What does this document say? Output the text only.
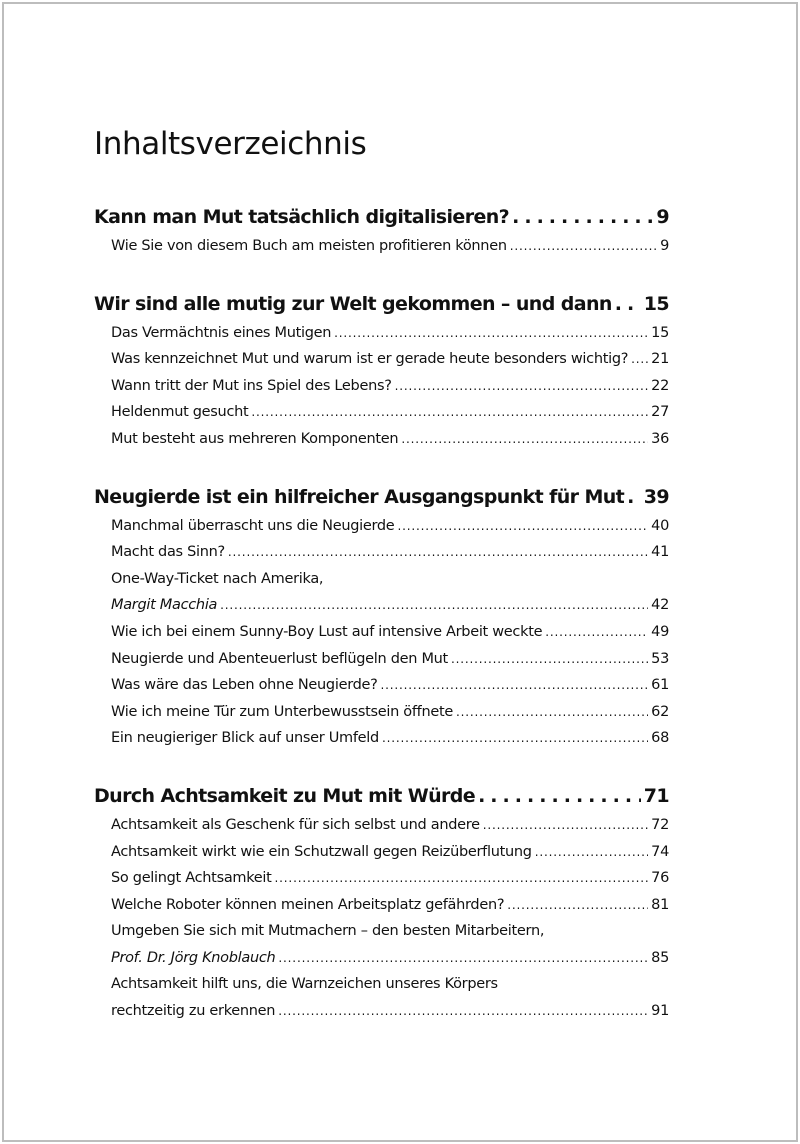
Inhaltsverzeichnis
Kann man Mut tatsächlich digitalisieren? . . .	9
Wie Sie von diesem Buch am meisten profitieren können . . .	9
Wir sind alle mutig zur Welt gekommen – und dann . . . 15
Das Vermächtnis eines Mutigen . . .	15
Was kennzeichnet Mut und warum ist er gerade heute besonders wichtig? . . . 21
Wann tritt der Mut ins Spiel des Lebens? . . .	22
Heldenmut gesucht . . .	27
Mut besteht aus mehreren Komponenten . . .	36
Neugierde ist ein hilfreicher Ausgangspunkt für Mut . . . 39
Manchmal überrascht uns die Neugierde . . .	40
Macht das Sinn? . . .	41
One-Way-Ticket nach Amerika,
Margit Macchia . . .	42
Wie ich bei einem Sunny-Boy Lust auf intensive Arbeit weckte . . .	49
Neugierde und Abenteuerlust beflügeln den Mut . . .	53
Was wäre das Leben ohne Neugierde? . . .	61
Wie ich meine Tür zum Unterbewusstsein öffnete . . .	62
Ein neugieriger Blick auf unser Umfeld . . .	68
Durch Achtsamkeit zu Mut mit Würde . . .	71
Achtsamkeit als Geschenk für sich selbst und andere . . .	72
Achtsamkeit wirkt wie ein Schutzwall gegen Reizüberflutung . . .	74
So gelingt Achtsamkeit . . .	76
Welche Roboter können meinen Arbeitsplatz gefährden? . . .	81
Umgeben Sie sich mit Mutmachern – den besten Mitarbeitern,
Prof. Dr. Jörg Knoblauch . . .	85
Achtsamkeit hilft uns, die Warnzeichen unseres Körpers
rechtzeitig zu erkennen . . .	91
